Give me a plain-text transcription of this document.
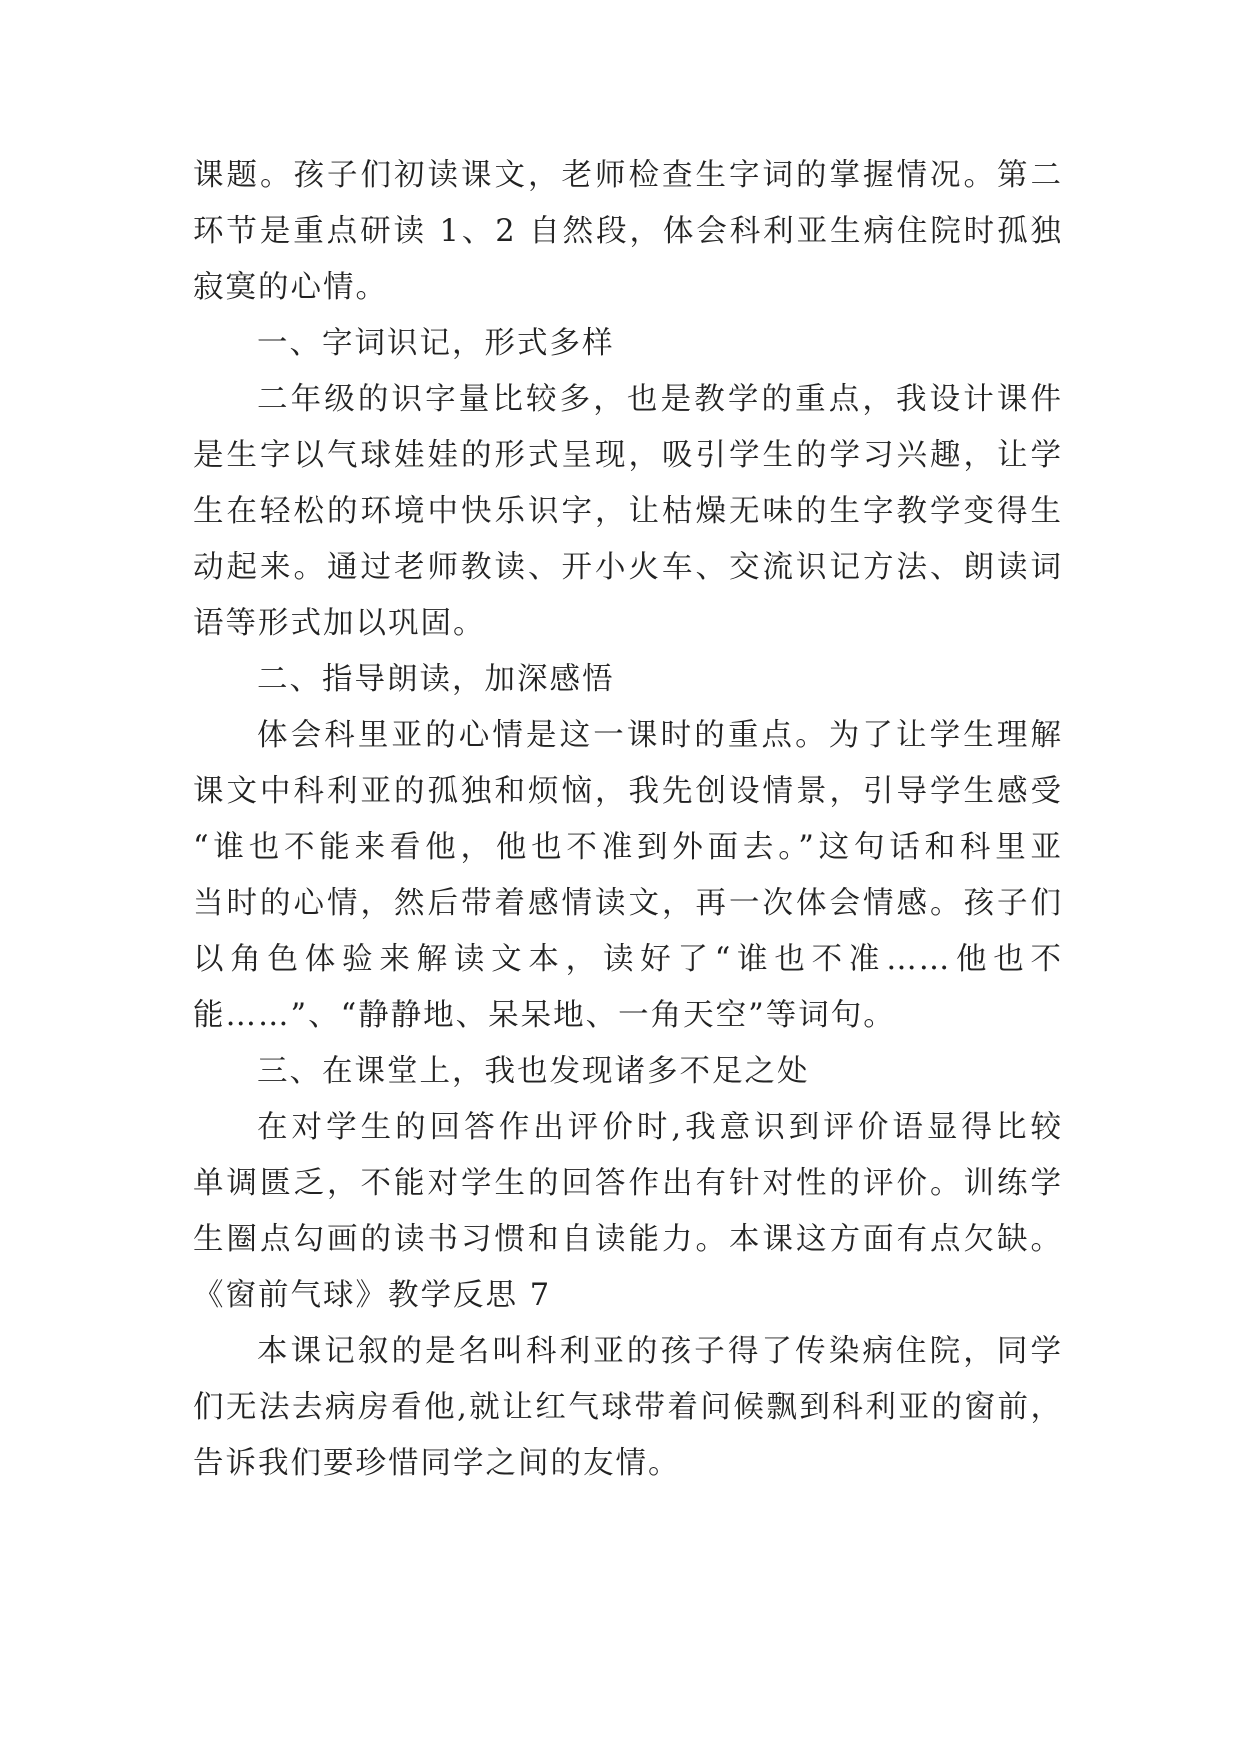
课题。孩子们初读课文，老师检查生字词的掌握情况。第二
环节是重点研读 1、2 自然段，体会科利亚生病住院时孤独
寂寞的心情。
一、字词识记，形式多样
二年级的识字量比较多，也是教学的重点，我设计课件
是生字以气球娃娃的形式呈现，吸引学生的学习兴趣，让学
生在轻松的环境中快乐识字，让枯燥无味的生字教学变得生
动起来。通过老师教读、开小火车、交流识记方法、朗读词
语等形式加以巩固。
二、指导朗读，加深感悟
体会科里亚的心情是这一课时的重点。为了让学生理解
课文中科利亚的孤独和烦恼，我先创设情景，引导学生感受
“谁也不能来看他，他也不准到外面去。”这句话和科里亚
当时的心情，然后带着感情读文，再一次体会情感。孩子们
以角色体验来解读文本，读好了“谁也不准……他也不
能……”、“静静地、呆呆地、一角天空”等词句。
三、在课堂上，我也发现诸多不足之处
在对学生的回答作出评价时,我意识到评价语显得比较
单调匮乏，不能对学生的回答作出有针对性的评价。训练学
生圈点勾画的读书习惯和自读能力。本课这方面有点欠缺。
《窗前气球》教学反思 7
本课记叙的是名叫科利亚的孩子得了传染病住院，同学
们无法去病房看他,就让红气球带着问候飘到科利亚的窗前，
告诉我们要珍惜同学之间的友情。
